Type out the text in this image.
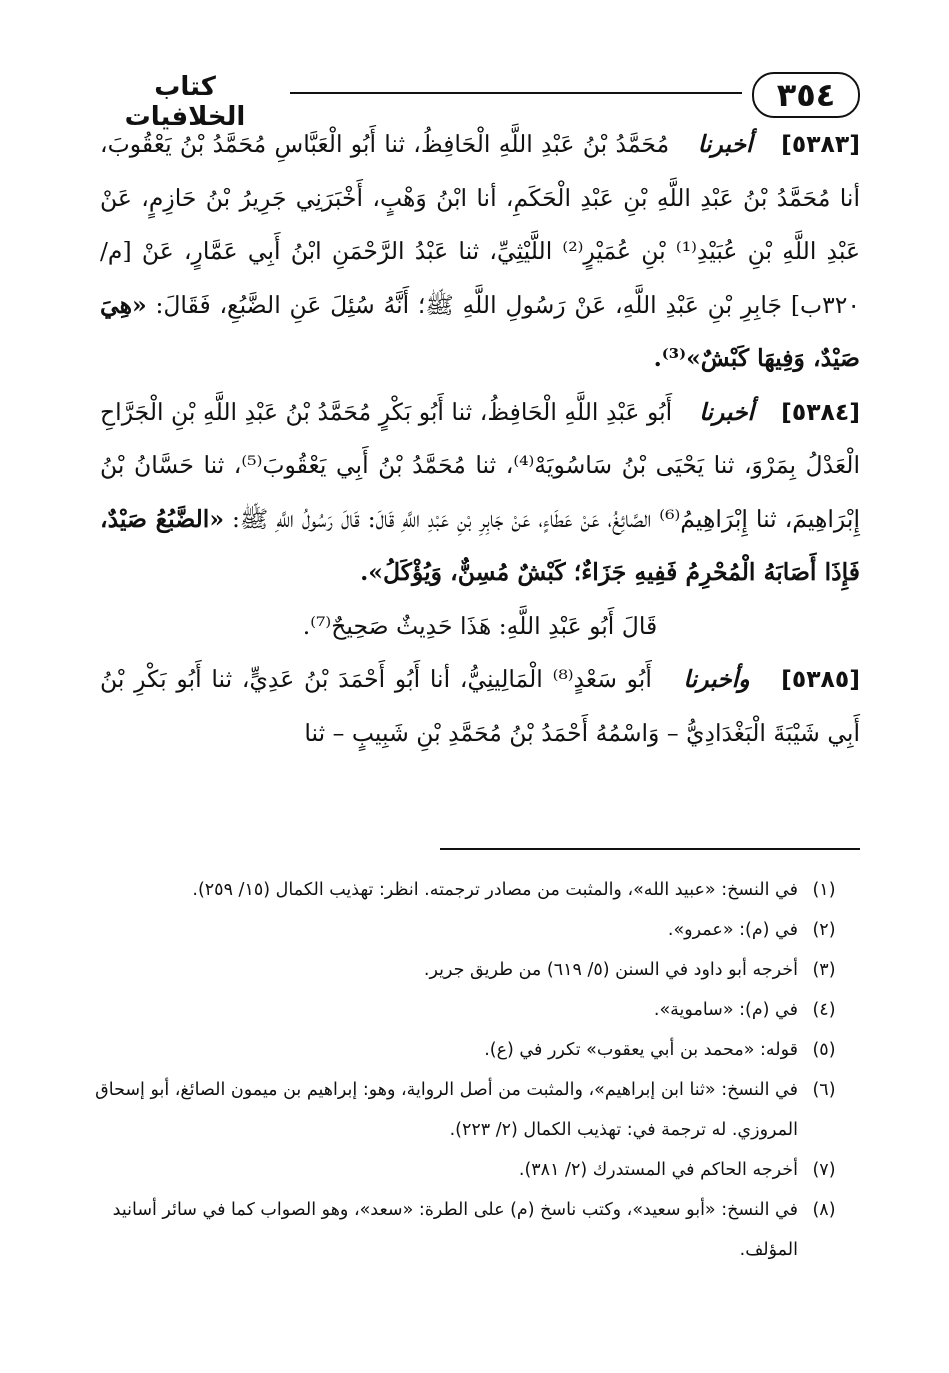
٣٥٤
كتاب الخلافيات

[٥٣٨٣]  أخبرنا  مُحَمَّدُ بْنُ عَبْدِ اللَّهِ الْحَافِظُ، ثنا أَبُو الْعَبَّاسِ مُحَمَّدُ بْنُ يَعْقُوبَ، أنا مُحَمَّدُ بْنُ عَبْدِ اللَّهِ بْنِ عَبْدِ الْحَكَمِ، أنا ابْنُ وَهْبٍ، أَخْبَرَنِي جَرِيرُ بْنُ حَازِمٍ، عَنْ عَبْدِ اللَّهِ بْنِ عُبَيْدِ⁽¹⁾ بْنِ عُمَيْرٍ⁽²⁾ اللَّيْثِيِّ، ثنا عَبْدُ الرَّحْمَنِ ابْنُ أَبِي عَمَّارٍ، عَنْ [م/٣٢٠ب] جَابِرِ بْنِ عَبْدِ اللَّهِ، عَنْ رَسُولِ اللَّهِ ﷺ؛ أَنَّهُ سُئِلَ عَنِ الضَّبُعِ، فَقَالَ: «هِيَ صَيْدٌ، وَفِيهَا كَبْشٌ»⁽³⁾.

[٥٣٨٤]  أخبرنا  أَبُو عَبْدِ اللَّهِ الْحَافِظُ، ثنا أَبُو بَكْرٍ مُحَمَّدُ بْنُ عَبْدِ اللَّهِ بْنِ الْجَرَّاحِ الْعَدْلُ بِمَرْوَ، ثنا يَحْيَى بْنُ سَاسُويَهْ⁽⁴⁾، ثنا مُحَمَّدُ بْنُ أَبِي يَعْقُوبَ⁽⁵⁾، ثنا حَسَّانُ بْنُ إِبْرَاهِيمَ، ثنا إِبْرَاهِيمُ⁽⁶⁾ الصَّائِغُ، عَنْ عَطَاءٍ، عَنْ جَابِرِ بْنِ عَبْدِ اللَّهِ قَالَ: قَالَ رَسُولُ اللَّهِ ﷺ: «الضَّبُعُ صَيْدٌ، فَإِذَا أَصَابَهُ الْمُحْرِمُ فَفِيهِ جَزَاءٌ؛ كَبْشٌ مُسِنٌّ، وَيُؤْكَلُ».

قَالَ أَبُو عَبْدِ اللَّهِ: هَذَا حَدِيثٌ صَحِيحٌ⁽⁷⁾.

[٥٣٨٥]  وأخبرنا  أَبُو سَعْدٍ⁽⁸⁾ الْمَالِينِيُّ، أنا أَبُو أَحْمَدَ بْنُ عَدِيٍّ، ثنا أَبُو بَكْرِ بْنُ أَبِي شَيْبَةَ الْبَغْدَادِيُّ – وَاسْمُهُ أَحْمَدُ بْنُ مُحَمَّدِ بْنِ شَبِيبٍ – ثنا

(١)
في النسخ: «عبيد الله»، والمثبت من مصادر ترجمته. انظر: تهذيب الكمال (١٥/ ٢٥٩).
(٢)
في (م): «عمرو».
(٣)
أخرجه أبو داود في السنن (٥/ ٦١٩) من طريق جرير.
(٤)
في (م): «ساموية».
(٥)
قوله: «محمد بن أبي يعقوب» تكرر في (ع).
(٦)
في النسخ: «ثنا ابن إبراهيم»، والمثبت من أصل الرواية، وهو: إبراهيم بن ميمون الصائغ، أبو إسحاق المروزي. له ترجمة في: تهذيب الكمال (٢/ ٢٢٣).
(٧)
أخرجه الحاكم في المستدرك (٢/ ٣٨١).
(٨)
في النسخ: «أبو سعيد»، وكتب ناسخ (م) على الطرة: «سعد»، وهو الصواب كما في سائر أسانيد المؤلف.
